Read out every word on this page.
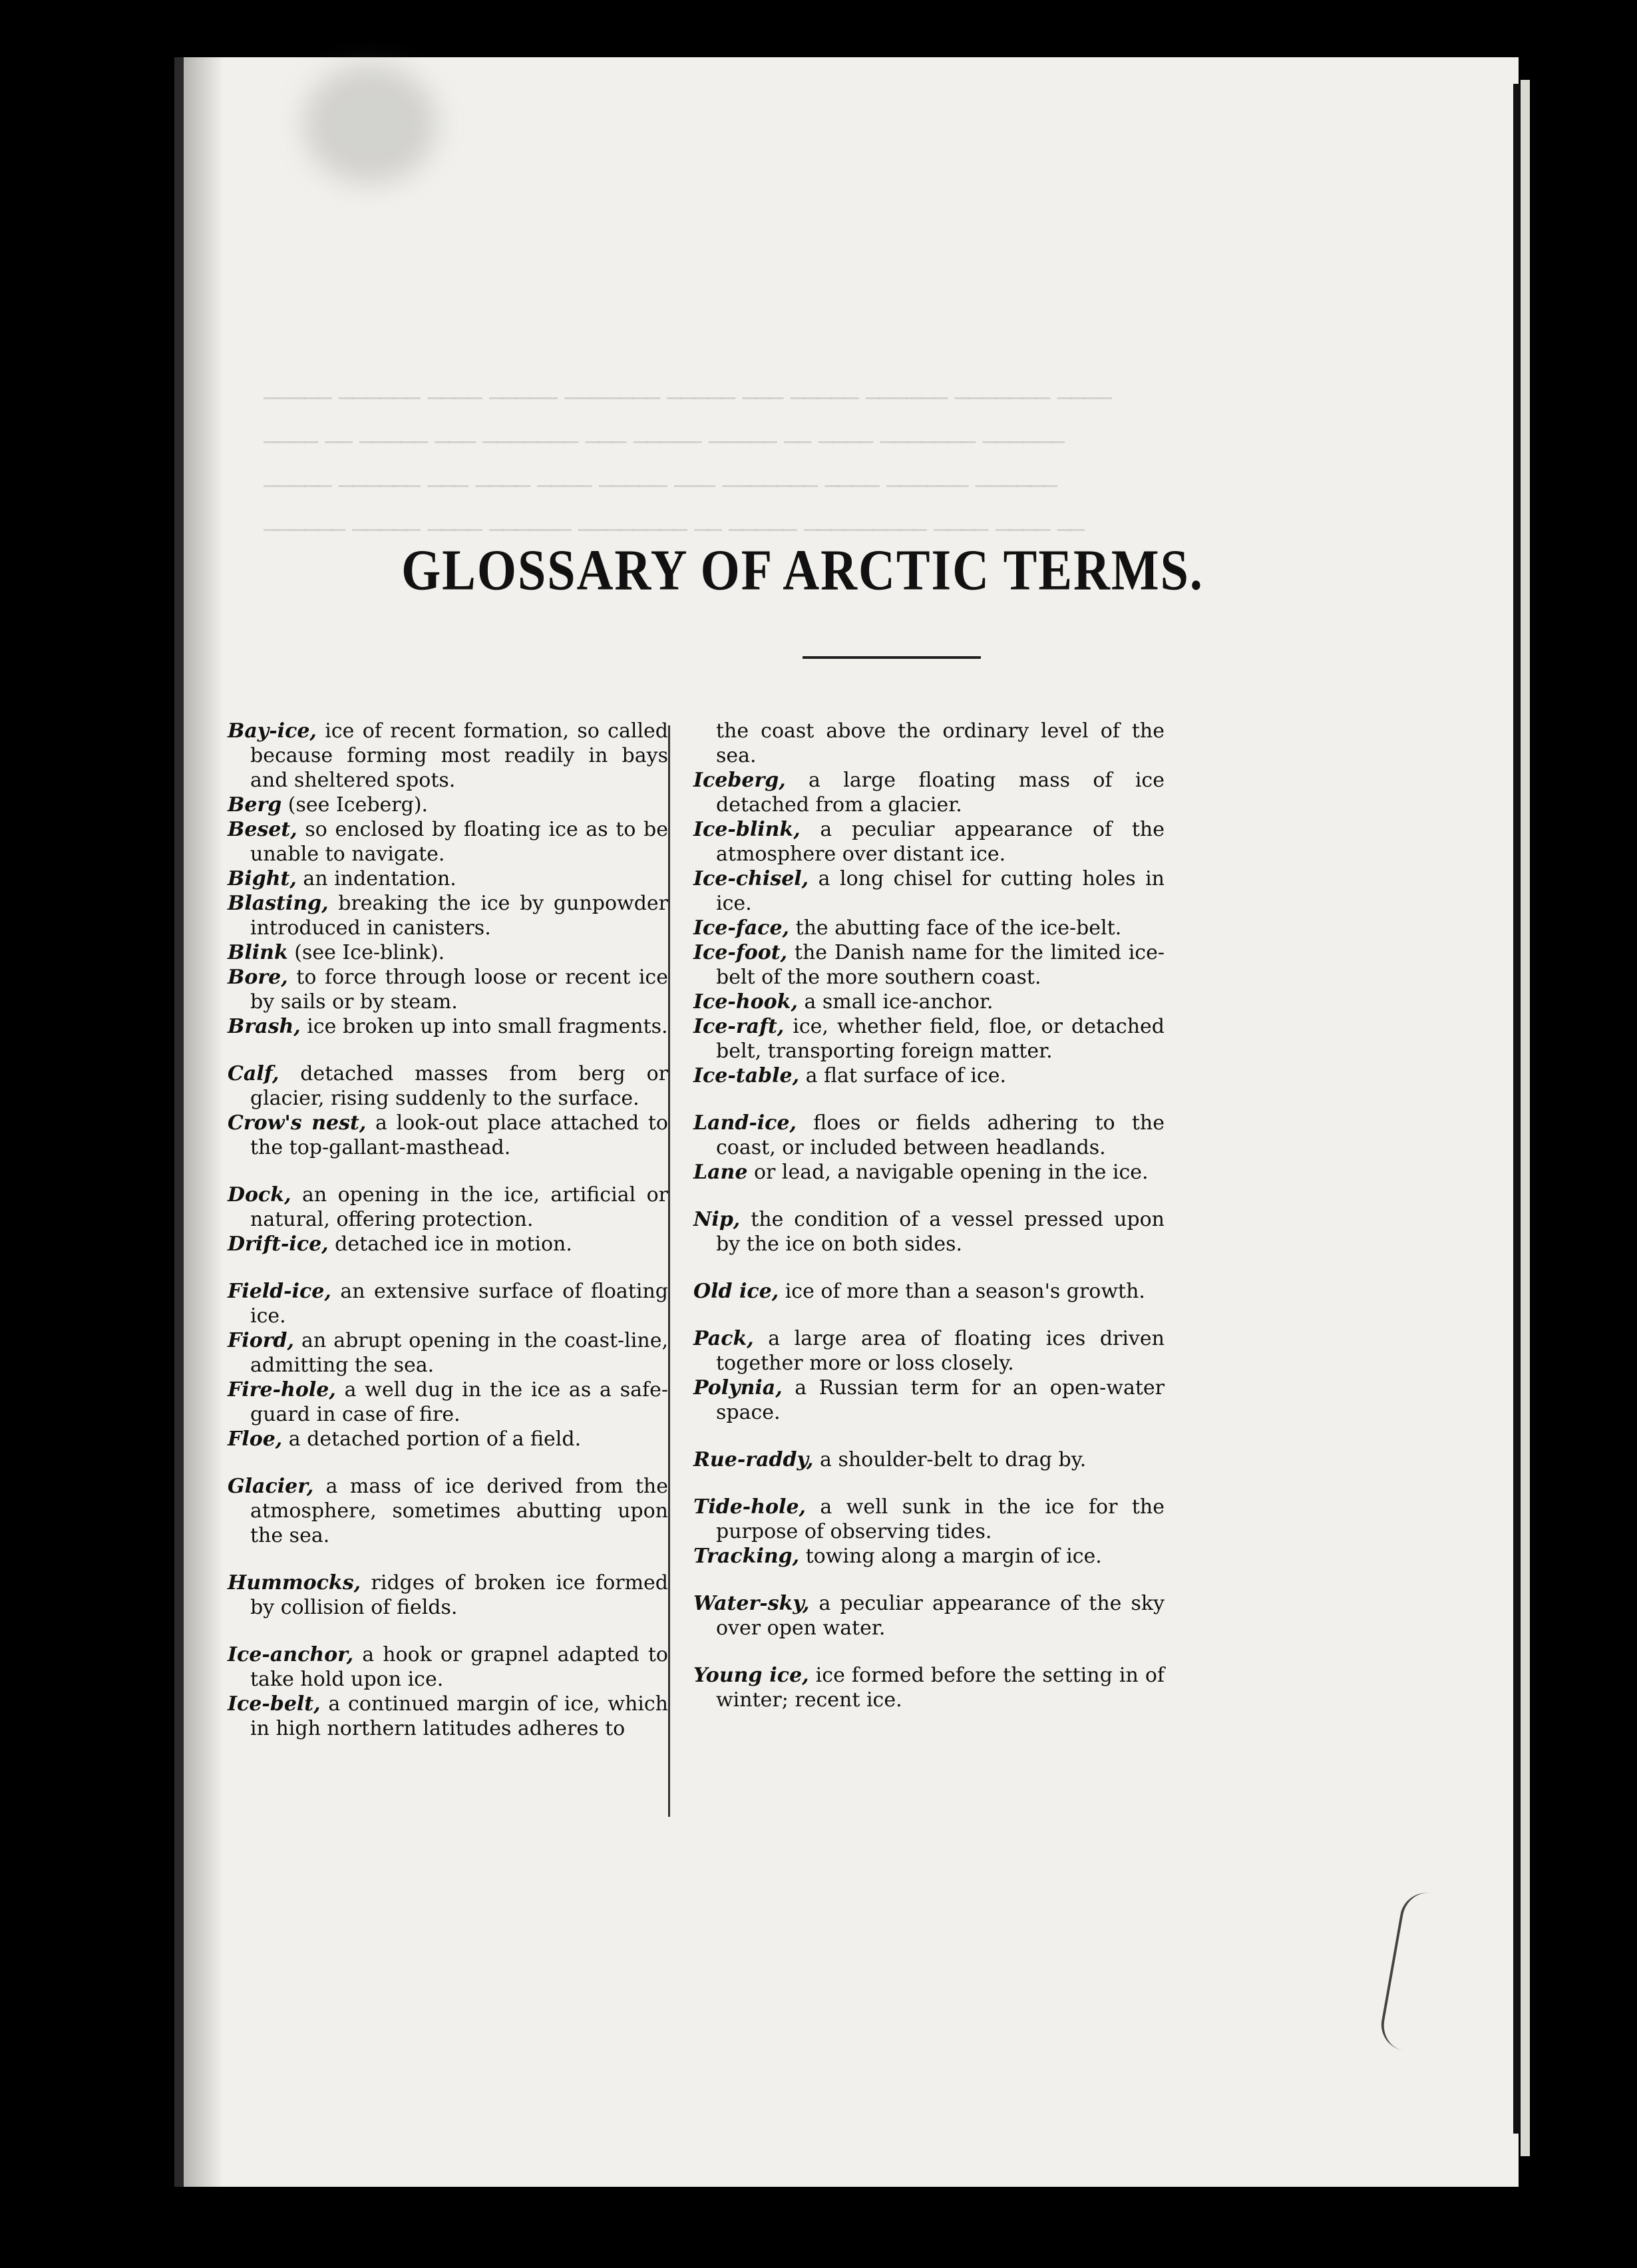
───── ────── ──── ───── ─────── ───── ─── ───── ────── ─────── ────
──── ── ───── ─── ─────── ─── ───── ───── ── ──── ─────── ──────
───── ────── ─── ──── ──── ───── ─── ─────── ──── ────── ──────
────── ───── ──── ────── ──────── ── ───── ───────── ──── ──── ──
GLOSSARY OF ARCTIC TERMS.

Bay-ice, ice of recent formation, so called because forming most readily in bays and sheltered spots.

Berg (see Iceberg).

Beset, so enclosed by floating ice as to be unable to navigate.

Bight, an indentation.

Blasting, breaking the ice by gunpowder introduced in canisters.

Blink (see Ice-blink).

Bore, to force through loose or recent ice by sails or by steam.

Brash, ice broken up into small fragments.

Calf, detached masses from berg or glacier, rising suddenly to the surface.

Crow's nest, a look-out place attached to the top-gallant-masthead.

Dock, an opening in the ice, artificial or natural, offering protection.

Drift-ice, detached ice in motion.

Field-ice, an extensive surface of floating ice.

Fiord, an abrupt opening in the coast-line, admitting the sea.

Fire-hole, a well dug in the ice as a safe-guard in case of fire.

Floe, a detached portion of a field.

Glacier, a mass of ice derived from the atmosphere, sometimes abutting upon the sea.

Hummocks, ridges of broken ice formed by collision of fields.

Ice-anchor, a hook or grapnel adapted to take hold upon ice.

Ice-belt, a continued margin of ice, which in high northern latitudes adheres to

the coast above the ordinary level of the sea.

Iceberg, a large floating mass of ice detached from a glacier.

Ice-blink, a peculiar appearance of the atmosphere over distant ice.

Ice-chisel, a long chisel for cutting holes in ice.

Ice-face, the abutting face of the ice-belt.

Ice-foot, the Danish name for the limited ice-belt of the more southern coast.

Ice-hook, a small ice-anchor.

Ice-raft, ice, whether field, floe, or detached belt, transporting foreign matter.

Ice-table, a flat surface of ice.

Land-ice, floes or fields adhering to the coast, or included between headlands.

Lane or lead, a navigable opening in the ice.

Nip, the condition of a vessel pressed upon by the ice on both sides.

Old ice, ice of more than a season's growth.

Pack, a large area of floating ices driven together more or loss closely.

Polynia, a Russian term for an open-water space.

Rue-raddy, a shoulder-belt to drag by.

Tide-hole, a well sunk in the ice for the purpose of observing tides.

Tracking, towing along a margin of ice.

Water-sky, a peculiar appearance of the sky over open water.

Young ice, ice formed before the setting in of winter; recent ice.
